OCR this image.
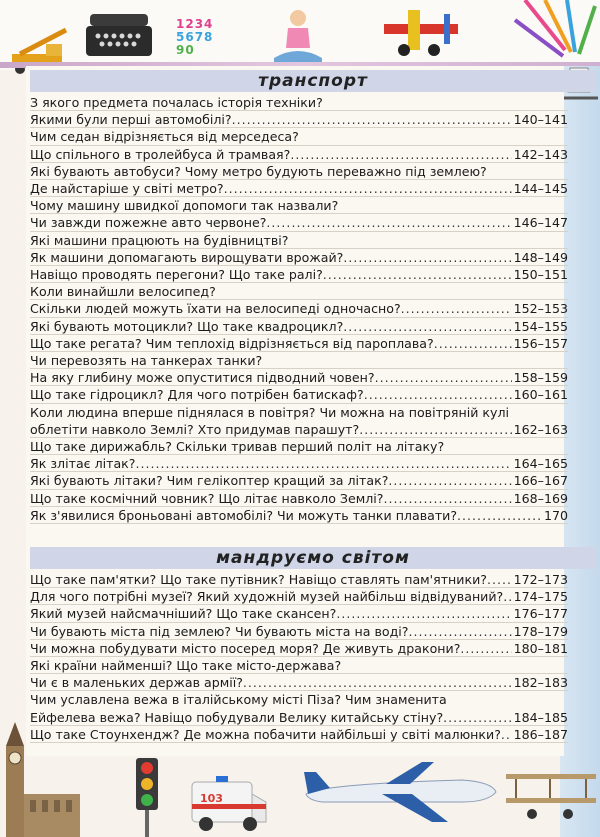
1234
5678
90
транспорт
З якого предмета почалась історія техніки?
Якими були перші автомобілі? .....	140–141
Чим седан відрізняється від мерседеса?
Що спільного в тролейбуса й трамвая? .....	142–143
Які бувають автобуси? Чому метро будують переважно під землею?
Де найстаріше у світі метро? .....	144–145
Чому машину швидкої допомоги так назвали?
Чи завжди пожежне авто червоне? .....	146–147
Які машини працюють на будівництві?
Як машини допомагають вирощувати врожай? .....	148–149
Навіщо проводять перегони? Що таке ралі? .....	150–151
Коли винайшли велосипед?
Скільки людей можуть їхати на велосипеді одночасно? .....	152–153
Які бувають мотоцикли? Що таке квадроцикл? .....	154–155
Що таке регата? Чим теплохід відрізняється від пароплава? .....	156–157
Чи перевозять на танкерах танки?
На яку глибину може опуститися підводний човен? .....	158–159
Що таке гідроцикл? Для чого потрібен батискаф? .....	160–161
Коли людина вперше піднялася в повітря? Чи можна на повітряній кулі
облетіти навколо Землі? Хто придумав парашут? .....	162–163
Що таке дирижабль? Скільки тривав перший політ на літаку?
Як злітає літак? .....	164–165
Які бувають літаки? Чим гелікоптер кращий за літак? .....	166–167
Що таке космічний човник? Що літає навколо Землі? .....	168–169
Як з'явилися броньовані автомобілі? Чи можуть танки плавати? .....	170
мандруємо світом
Що таке пам'ятки? Що таке путівник? Навіщо ставлять пам'ятники? ..... 172–173
Для чого потрібні музеї? Який художній музей найбільш відвідуваний? ..... 174–175
Який музей найсмачніший? Що таке скансен? .....	176–177
Чи бувають міста під землею? Чи бувають міста на воді? .....	178–179
Чи можна побудувати місто посеред моря? Де живуть дракони? .....	180–181
Які країни найменші? Що таке місто-держава?
Чи є в маленьких держав армії? .....	182–183
Чим уславлена вежа в італійському місті Піза? Чим знаменита
Ейфелева вежа? Навіщо побудували Велику китайську стіну? .....	184–185
Що таке Стоунхендж? Де можна побачити найбільші у світі малюнки? ..... 186–187
103
